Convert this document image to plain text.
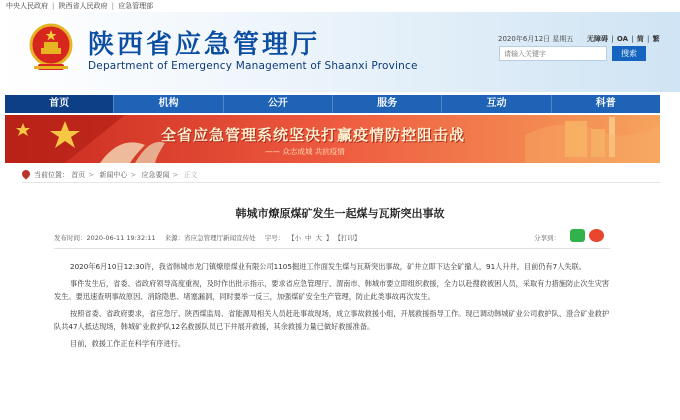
中央人民政府 | 陕西省人民政府 | 应急管理部
陕西省应急管理厅
Department of Emergency Management of Shaanxi Province
2020年6月12日 星期五 无障碍 | OA | 简 | 繁
请输入关键字
搜索
首页	机构	公开	服务	互动	科普
全省应急管理系统坚决打赢疫情防控阻击战
—— 众志成城 共抗疫情
当前位置： 首页 > 新闻中心 > 应急要闻 > 正文
韩城市燎原煤矿发生一起煤与瓦斯突出事故
发布时间：2020-06-11 19:32:11 来源：省应急管理厅新闻宣传处 字号： 【小 中 大 】 【打印】	分享到：

2020年6月10日12:30许，我省韩城市龙门镇燎原煤业有限公司1105掘进工作面发生煤与瓦斯突出事故，矿井立即下达全矿撤人，91人升井，目前仍有7人失联。

事件发生后，省委、省政府领导高度重视，及时作出批示指示，要求省应急管理厅、渭南市、韩城市要立即组织救援，全力以赴搜救被困人员，采取有力措施防止次生灾害发生。要迅速查明事故原因、消除隐患、堵塞漏洞，同时要举一反三，加强煤矿安全生产管理，防止此类事故再次发生。

按照省委、省政府要求，省应急厅、陕西煤监局、省能源局相关人员赶赴事故现场，成立事故救援小组，开展救援指导工作。现已调动韩城矿业公司救护队、澄合矿业救护队共47人抵达现场，韩城矿业救护队12名救援队员已下井展开救援，其余救援力量已做好救援准备。

目前，救援工作正在科学有序进行。
